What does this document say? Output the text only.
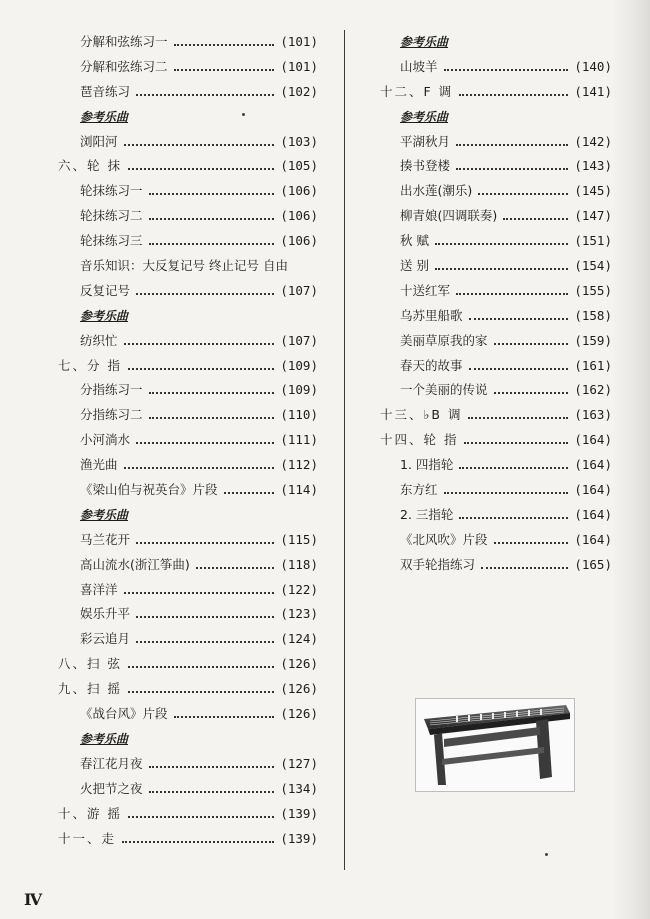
分解和弦练习一	(101)
分解和弦练习二	(101)
琶音练习	(102)
参考乐曲
浏阳河	(103)
六、轮 抹	(105)
轮抹练习一	(106)
轮抹练习二	(106)
轮抹练习三	(106)
音乐知识：大反复记号 终止记号 自由
反复记号	(107)
参考乐曲
纺织忙	(107)
七、分 指	(109)
分指练习一	(109)
分指练习二	(110)
小河淌水	(111)
渔光曲	(112)
《梁山伯与祝英台》片段	(114)
参考乐曲
马兰花开	(115)
高山流水(浙江筝曲)	(118)
喜洋洋	(122)
娱乐升平	(123)
彩云追月	(124)
八、扫 弦	(126)
九、扫 摇	(126)
《战台风》片段	(126)
参考乐曲
春江花月夜	(127)
火把节之夜	(134)
十、游 摇	(139)
十一、走	(139)
参考乐曲
山坡羊	(140)
十二、F 调	(141)
参考乐曲
平湖秋月	(142)
揍书登楼	(143)
出水莲(潮乐)	(145)
柳青娘(四调联奏)	(147)
秋 赋	(151)
送 别	(154)
十送红军	(155)
乌苏里船歌	(158)
美丽草原我的家	(159)
春天的故事	(161)
一个美丽的传说	(162)
十三、♭B 调	(163)
十四、轮 指	(164)
1. 四指轮	(164)
东方红	(164)
2. 三指轮	(164)
《北风吹》片段	(164)
双手轮指练习	(165)
Ⅳ
